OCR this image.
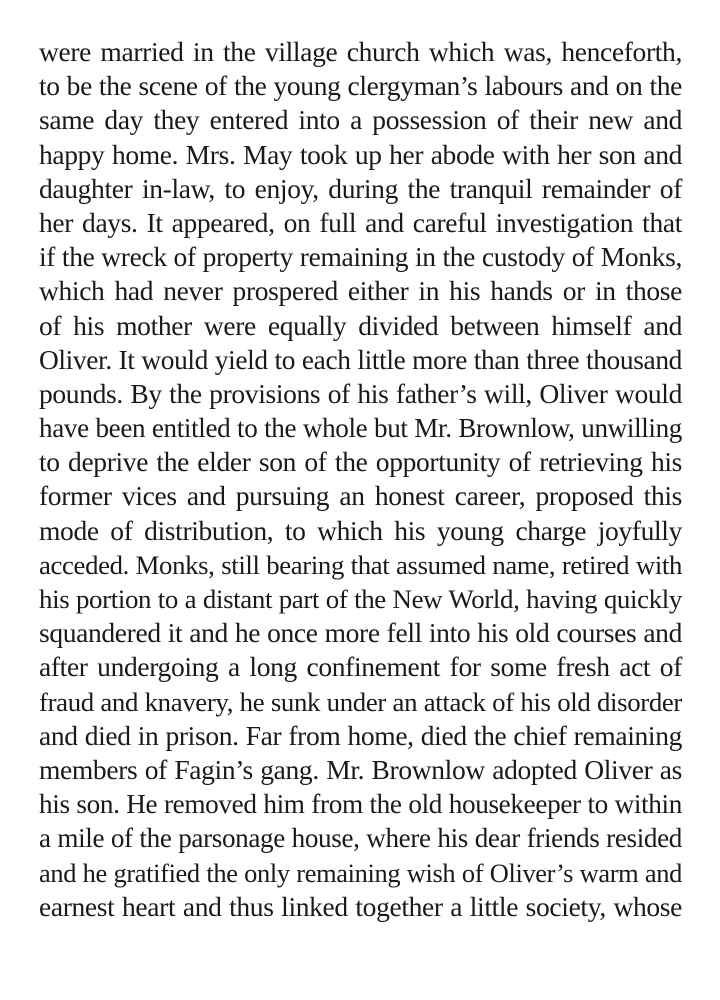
were married in the village church which was, henceforth,
to be the scene of the young clergyman’s labours and on the
same day they entered into a possession of their new and
happy home. Mrs. May took up her abode with her son and
daughter in-law, to enjoy, during the tranquil remainder of
her days. It appeared, on full and careful investigation that
if the wreck of property remaining in the custody of Monks,
which had never prospered either in his hands or in those
of his mother were equally divided between himself and
Oliver. It would yield to each little more than three thousand
pounds. By the provisions of his father’s will, Oliver would
have been entitled to the whole but Mr. Brownlow, unwilling
to deprive the elder son of the opportunity of retrieving his
former vices and pursuing an honest career, proposed this
mode of distribution, to which his young charge joyfully
acceded. Monks, still bearing that assumed name, retired with
his portion to a distant part of the New World, having quickly
squandered it and he once more fell into his old courses and
after undergoing a long confinement for some fresh act of
fraud and knavery, he sunk under an attack of his old disorder
and died in prison. Far from home, died the chief remaining
members of Fagin’s gang. Mr. Brownlow adopted Oliver as
his son. He removed him from the old housekeeper to within
a mile of the parsonage house, where his dear friends resided
and he gratified the only remaining wish of Oliver’s warm and
earnest heart and thus linked together a little society, whose
